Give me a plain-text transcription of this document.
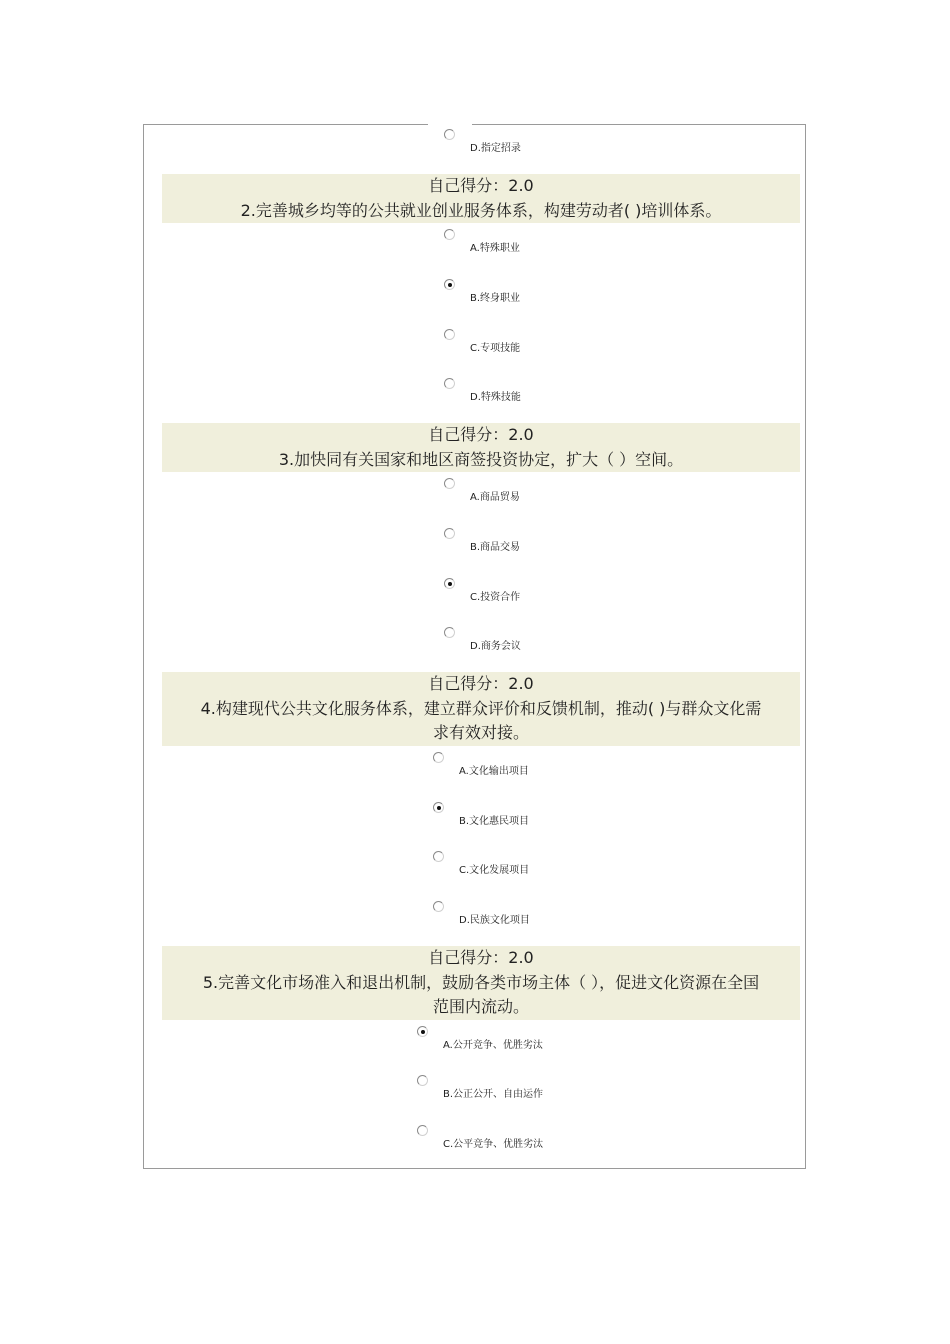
D.指定招录
自己得分：2.0
2.完善城乡均等的公共就业创业服务体系，构建劳动者( )培训体系。
A.特殊职业
B.终身职业
C.专项技能
D.特殊技能
自己得分：2.0
3.加快同有关国家和地区商签投资协定，扩大（ ）空间。
A.商品贸易
B.商品交易
C.投资合作
D.商务会议
自己得分：2.0
4.构建现代公共文化服务体系，建立群众评价和反馈机制，推动( )与群众文化需
求有效对接。
A.文化输出项目
B.文化惠民项目
C.文化发展项目
D.民族文化项目
自己得分：2.0
5.完善文化市场准入和退出机制，鼓励各类市场主体（ ），促进文化资源在全国
范围内流动。
A.公开竞争、优胜劣汰
B.公正公开、自由运作
C.公平竞争、优胜劣汰
